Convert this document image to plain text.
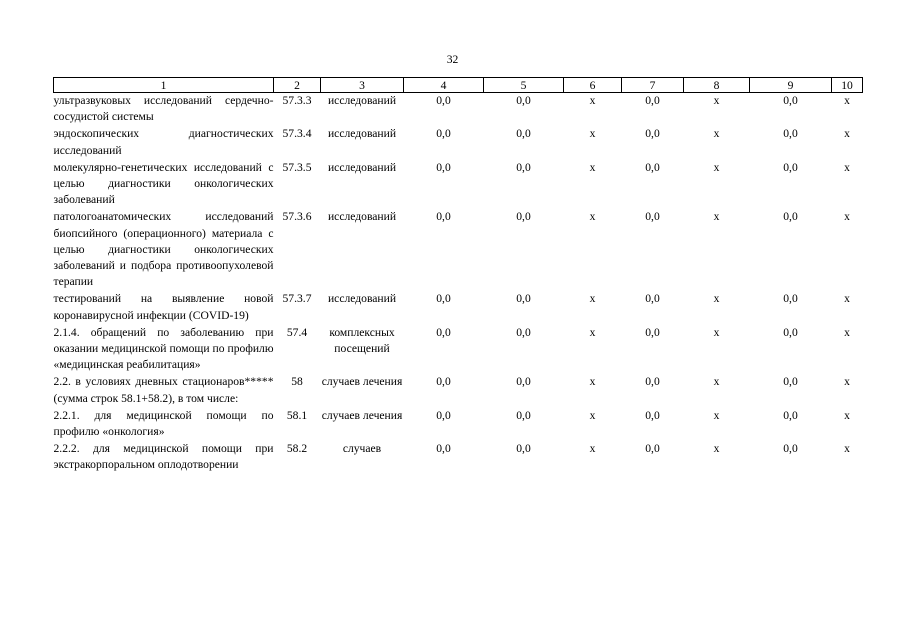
32
1	2	3	4	5	6	7	8	9	10
ультразвуковых исследований сердечно-сосудистой системы	57.3.3	исследований	0,0	0,0	x	0,0	x	0,0	x
эндоскопических диагностических исследований	57.3.4	исследований	0,0	0,0	x	0,0	x	0,0	x
молекулярно-генетических исследований с целью диагностики онкологических заболеваний	57.3.5	исследований	0,0	0,0	x	0,0	x	0,0	x
патологоанатомических исследований биопсийного (операционного) материала с целью диагностики онкологических заболеваний и подбора противоопухолевой терапии	57.3.6	исследований	0,0	0,0	x	0,0	x	0,0	x
тестирований на выявление новой коронавирусной инфекции (COVID-19)	57.3.7	исследований	0,0	0,0	x	0,0	x	0,0	x
2.1.4. обращений по заболеванию при оказании медицинской помощи по профилю «медицинская реабилитация»	57.4	комплексных посещений	0,0	0,0	x	0,0	x	0,0	x
2.2. в условиях дневных стационаров***** (сумма строк 58.1+58.2), в том числе:	58	случаев лечения	0,0	0,0	x	0,0	x	0,0	x
2.2.1. для медицинской помощи по профилю «онкология»	58.1	случаев лечения	0,0	0,0	x	0,0	x	0,0	x
2.2.2. для медицинской помощи при экстракорпоральном оплодотворении	58.2	случаев	0,0	0,0	x	0,0	x	0,0	x
